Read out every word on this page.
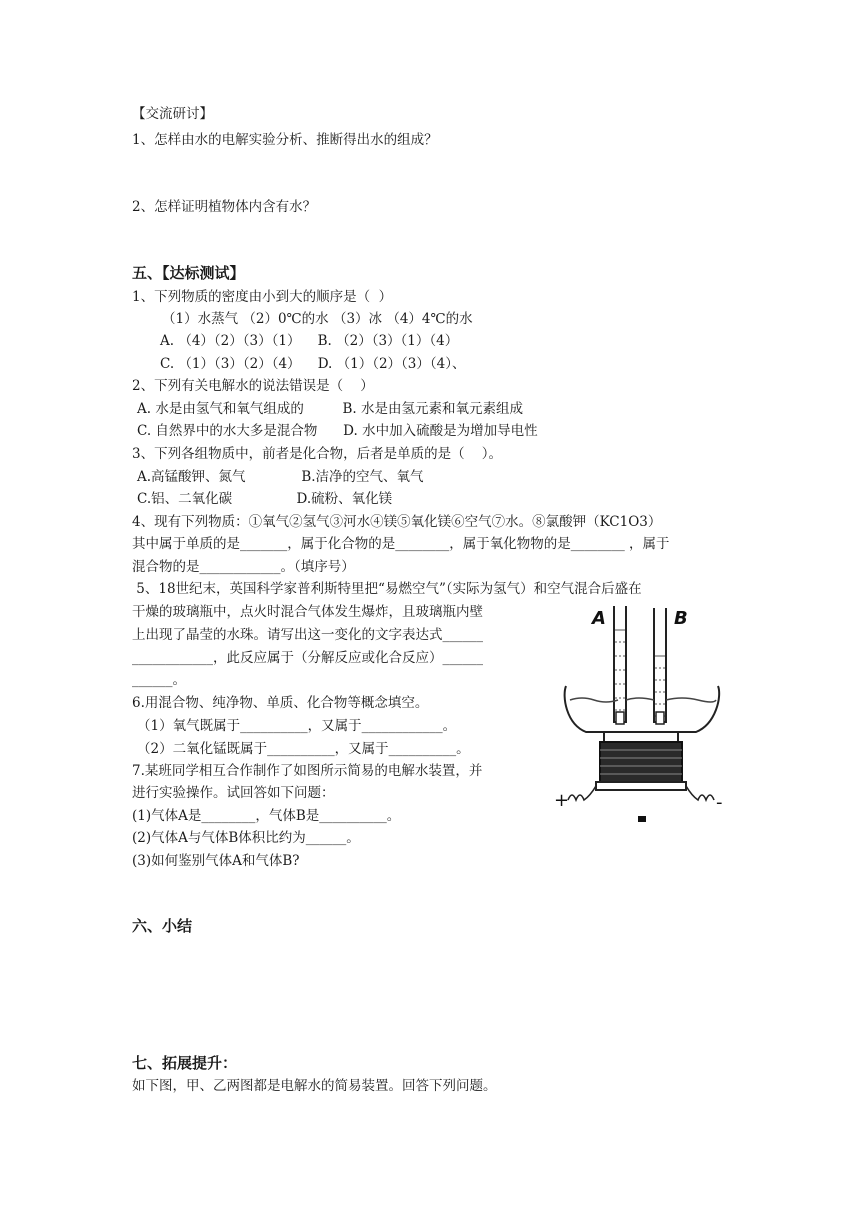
【交流研讨】
1、怎样由水的电解实验分析、推断得出水的组成？
2、怎样证明植物体内含有水？
五、【达标测试】
1、下列物质的密度由小到大的顺序是（  ）
（1）水蒸气 （2）0℃的水 （3）冰 （4）4℃的水
A. （4）（2）（3）（1）    B. （2）（3）（1）（4）
C. （1）（3）（2）（4）    D. （1）（2）（3）（4）、
2、下列有关电解水的说法错误是（    ）
A. 水是由氢气和氧气组成的         B. 水是由氢元素和氧元素组成
C. 自然界中的水大多是混合物      D. 水中加入硫酸是为增加导电性
3、下列各组物质中，前者是化合物，后者是单质的是（    ）。
A.高锰酸钾、氮气             B.洁净的空气、氧气
C.铝、二氧化碳               D.硫粉、氧化镁
4、现有下列物质：①氧气②氢气③河水④镁⑤氧化镁⑥空气⑦水。⑧氯酸钾（KC1O3）
其中属于单质的是_______，属于化合物的是________，属于氧化物物的是________ ，属于
混合物的是____________。（填序号）
5、18世纪末，英国科学家普利斯特里把“易燃空气”（实际为氢气）和空气混合后盛在
干燥的玻璃瓶中，点火时混合气体发生爆炸，且玻璃瓶内壁
上出现了晶莹的水珠。请写出这一变化的文字表达式______
____________，此反应属于（分解反应或化合反应）______
______。
6.用混合物、纯净物、单质、化合物等概念填空。
（1）氧气既属于__________，又属于____________。
（2）二氧化锰既属于__________，又属于__________。
7.某班同学相互合作制作了如图所示简易的电解水装置，并
进行实验操作。试回答如下问题：
(1)气体A是________，气体B是__________。
(2)气体A与气体B体积比约为______。
(3)如何鉴别气体A和气体B?
A	B
+	-
六、小结
七、拓展提升：
如下图，甲、乙两图都是电解水的简易装置。回答下列问题。
